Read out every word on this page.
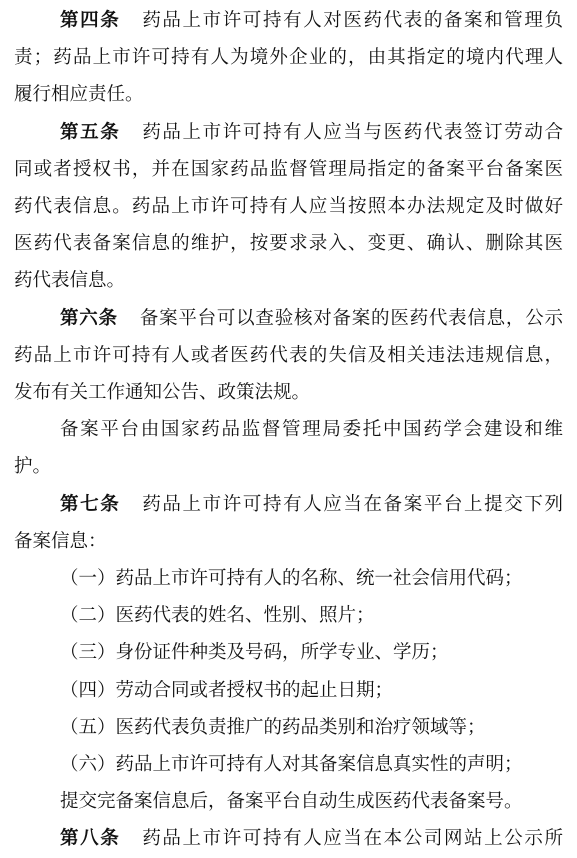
第四条 药品上市许可持有人对医药代表的备案和管理负
责；药品上市许可持有人为境外企业的，由其指定的境内代理人
履行相应责任。
第五条 药品上市许可持有人应当与医药代表签订劳动合
同或者授权书，并在国家药品监督管理局指定的备案平台备案医
药代表信息。药品上市许可持有人应当按照本办法规定及时做好
医药代表备案信息的维护，按要求录入、变更、确认、删除其医
药代表信息。
第六条 备案平台可以查验核对备案的医药代表信息，公示
药品上市许可持有人或者医药代表的失信及相关违法违规信息，
发布有关工作通知公告、政策法规。
备案平台由国家药品监督管理局委托中国药学会建设和维
护。
第七条 药品上市许可持有人应当在备案平台上提交下列
备案信息：
（一）药品上市许可持有人的名称、统一社会信用代码；
（二）医药代表的姓名、性别、照片；
（三）身份证件种类及号码，所学专业、学历；
（四）劳动合同或者授权书的起止日期；
（五）医药代表负责推广的药品类别和治疗领域等；
（六）药品上市许可持有人对其备案信息真实性的声明；
提交完备案信息后，备案平台自动生成医药代表备案号。
第八条 药品上市许可持有人应当在本公司网站上公示所
